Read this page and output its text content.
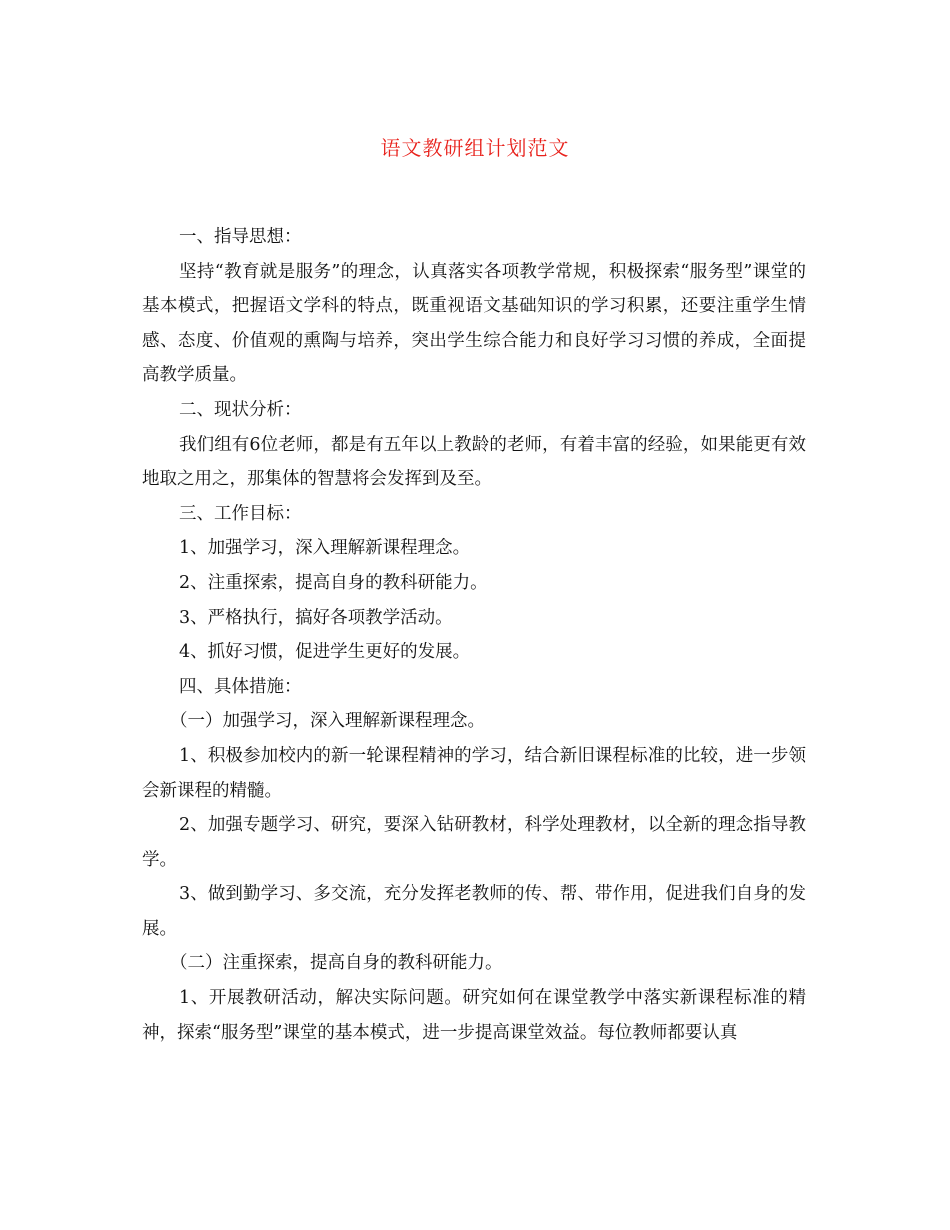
语文教研组计划范文

一、指导思想：

坚持“教育就是服务”的理念，认真落实各项教学常规，积极探索“服务型”课堂的基本模式，把握语文学科的特点，既重视语文基础知识的学习积累，还要注重学生情感、态度、价值观的熏陶与培养，突出学生综合能力和良好学习习惯的养成，全面提高教学质量。

二、现状分析：

我们组有6位老师，都是有五年以上教龄的老师，有着丰富的经验，如果能更有效地取之用之，那集体的智慧将会发挥到及至。

三、工作目标：

1、加强学习，深入理解新课程理念。

2、注重探索，提高自身的教科研能力。

3、严格执行，搞好各项教学活动。

4、抓好习惯，促进学生更好的发展。

四、具体措施：

（一）加强学习，深入理解新课程理念。

1、积极参加校内的新一轮课程精神的学习，结合新旧课程标准的比较，进一步领会新课程的精髓。

2、加强专题学习、研究，要深入钻研教材，科学处理教材，以全新的理念指导教学。

3、做到勤学习、多交流，充分发挥老教师的传、帮、带作用，促进我们自身的发展。

（二）注重探索，提高自身的教科研能力。

1、开展教研活动，解决实际问题。研究如何在课堂教学中落实新课程标准的精神，探索“服务型”课堂的基本模式，进一步提高课堂效益。每位教师都要认真
